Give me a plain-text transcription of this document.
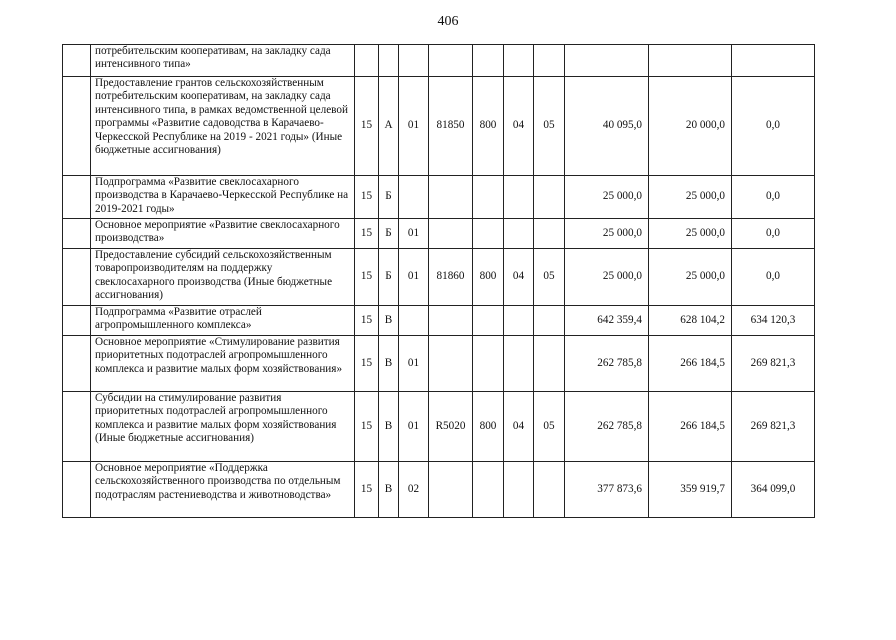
406
	потребительским кооперативам, на закладку сада интенсивного типа»										
	Предоставление грантов сельскохозяйственным потребительским кооперативам, на закладку сада интенсивного типа, в рамках ведомственной целевой программы «Развитие садоводства в Карачаево-Черкесской Республике на 2019 - 2021 годы» (Иные бюджетные ассигнования)	15	А	01	81850	800	04	05	40 095,0	20 000,0	0,0
	Подпрограмма «Развитие свеклосахарного производства в Карачаево-Черкесской Республике на 2019-2021 годы»	15	Б						25 000,0	25 000,0	0,0
	Основное мероприятие «Развитие свеклосахарного производства»	15	Б	01					25 000,0	25 000,0	0,0
	Предоставление субсидий сельскохозяйственным товаропроизводителям на поддержку свеклосахарного производства (Иные бюджетные ассигнования)	15	Б	01	81860	800	04	05	25 000,0	25 000,0	0,0
	Подпрограмма «Развитие отраслей агропромышленного комплекса»	15	В						642 359,4	628 104,2	634 120,3
	Основное мероприятие «Стимулирование развития приоритетных подотраслей агропромышленного комплекса и развитие малых форм хозяйствования»	15	В	01					262 785,8	266 184,5	269 821,3
	Субсидии на стимулирование развития приоритетных подотраслей агропромышленного комплекса и развитие малых форм хозяйствования (Иные бюджетные ассигнования)	15	В	01	R5020	800	04	05	262 785,8	266 184,5	269 821,3
	Основное мероприятие «Поддержка сельскохозяйственного производства по отдельным подотраслям растениеводства и животноводства»	15	В	02					377 873,6	359 919,7	364 099,0
